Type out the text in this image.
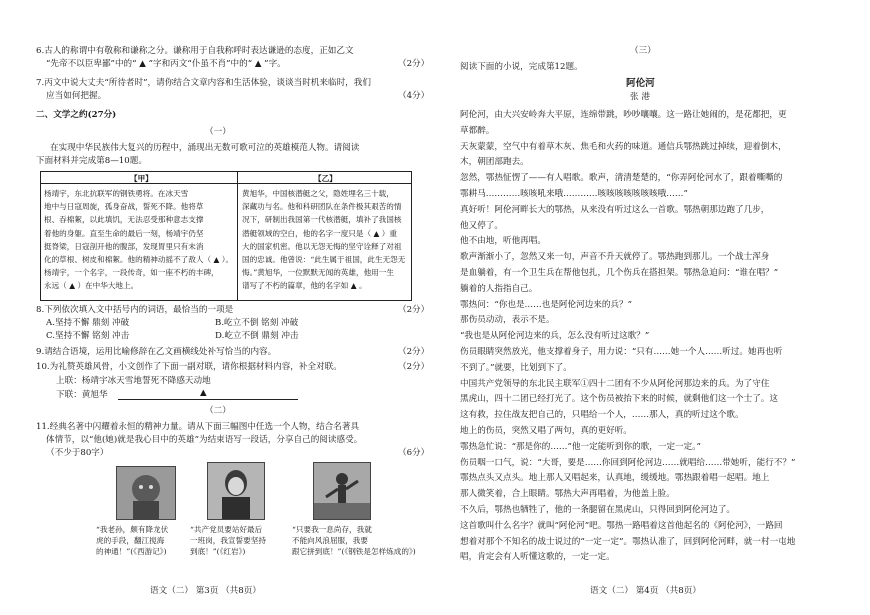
6.古人的称谓中有敬称和谦称之分。谦称用于自我称呼时表达谦逊的态度，正如乙文
“先帝不以臣卑鄙”中的“ ▲ ”字和丙文“仆虽不肖”中的“ ▲ ”字。	（2分）
7.丙文中说大丈夫“所待者时”，请你结合文章内容和生活体验，谈谈当时机来临时，我们
应当如何把握。	（4分）
二、文学之约(27分)
（一）
在实现中华民族伟大复兴的历程中，涌现出无数可歌可泣的英雄模范人物。请阅读
下面材料并完成第8—10题。
【甲】	【乙】
杨靖宇，东北抗联军的钢铁勇将。在冰天雪
地中与日寇周旋，孤身奋战，誓死不降。他将草
根、吞棉絮，以此填饥，无法忍受那种意志支撑
着他的身躯。直至生命的最后一刻，杨靖宇仍坚
挺脊梁，日寇剖开他的腹部，发现胃里只有未消
化的草根、树皮和棉絮。他的精神动摇不了敌人（ ▲ ）。
杨靖宇，一个名字，一段传奇，如一座不朽的丰碑，
永远（ ▲ ）在中华大地上。
黄旭华，中国核潜艇之父，隐姓埋名三十载，
深藏功与名。他和科研团队在条件极其艰苦的情
况下，研制出我国第一代核潜艇，填补了我国核
潜艇领域的空白，他的名字一度只是（ ▲ ）重
大的国家机密。他以无怨无悔的坚守诠释了对祖
国的忠诚。他曾说：“此生属于祖国，此生无怨无
悔。”黄旭华，一位默默无闻的英雄，他用一生
谱写了不朽的篇章，他的名字如 ▲ 。
8.下列依次填入文中括号内的词语，最恰当的一项是	（2分）
A.坚持不懈 鼎刻 冲破	B.屹立不倒 铭刻 冲破
C.坚持不懈 铭刻 冲击	D.屹立不倒 鼎刻 冲击
9.请结合语境，运用比喻修辞在乙文画横线处补写恰当的内容。	（2分）
10.为礼赞英雄风骨，小文创作了下面一副对联，请你根据材料内容，补全对联。	（2分）
上联：杨靖宇冰天雪地誓死不降感天动地
下联：黄旭华	▲
（二）
11.经典名著中闪耀着永恒的精神力量。请从下面三幅图中任选一个人物，结合名著具
体情节，以“他(她)就是我心目中的英雄”为结束语写一段话，分享自己的阅读感受。
（不少于80字）	（6分）
“我老孙，颇有降龙伏
虎的手段，翻江搅海
的神通！”(《西游记》)
“共产党员要站好最后
一班岗，我宣誓要坚持
到底！”(《红岩》)
“只要我一息尚存，我就
不能向风浪屈服，我要
跟它拼到底！”(《钢铁是怎样炼成的》)
语文（二） 第3页 （共8页）
（三）
阅读下面的小说，完成第12题。
阿伦河
张 港
阿伦河，由大兴安岭奔大平原，连绵带跳，吵吵嚷嚷。这一路让她闹的，是花都把，更
草都醉。
天灰蒙蒙，空气中有着草木灰、焦毛和火药的味道。通信兵鄂热跳过掉续，迎着倒木，
木，朝团部跑去。
忽然，鄂热怔愣了——有人唱歌。歌声，清清楚楚的，“你弄阿伦河水了，跟着嘶嘶的
鄂耕马…………咳咳吼来哦…………咳咳咳咳咳咳咳哦……”
真好听！阿伦河畔长大的鄂热，从来没有听过这么一首歌。鄂热朝那边跑了几步，
他又停了。
他不由地，听他再唱。
歌声渐渐小了，忽然又来一句，声音不升天就停了。鄂热跑到那儿。一个战士浑身
是血躺着，有一个卫生兵在帮他包扎，几个伤兵在搭担架。鄂热急迫问：“谁在唱？”
躺着的人指指自己。
鄂热问：“你也是……也是阿伦河边来的兵？”
那伤员动动，表示不是。
“我也是从阿伦河边来的兵，怎么没有听过这歌？”
伤员眼睛突然放光，他支撑着身子，用力说：“只有……她一个人……听过。她再也听
不到了。”就要，比划到下了。
中国共产党领导的东北民主联军①四十二团有不少从阿伦河那边来的兵。为了守住
黑虎山，四十二团已经打光了。这个伤员被抬下来的时候，就剩他们这一个士了。这
这有救，拉住战友把自己的，只唱给一个人，……那人，真的听过这个歌。
地上的伤员，突然又唱了两句，真的更好听。
鄂热急忙说：“那是你的……”他一定能听到你的歌，一定一定。”
伤员咽一口气，说：“大哥，要是……你回到阿伦河边……就唱给……带她听，能行不？”
鄂热点头又点头。地上那人又唱起来，认真地，缓缓地。鄂热跟着唱一起唱。地上
那人微笑着，合上眼睛。鄂热大声再唱着，为他盖上脸。
不久后，鄂热也牺牲了，他的一条腿留在黑虎山，只得回到阿伦河边了。
这首歌叫什么名字？就叫“阿伦河”吧。鄂热一路唱着这首他起名的《阿伦河》，一路回
想着对那个不知名的战士说过的“一定一定”。鄂热认准了，回到阿伦河畔，就一村一屯地
唱，肯定会有人听懂这歌的，一定一定。
语文（二） 第4页 （共8页）
